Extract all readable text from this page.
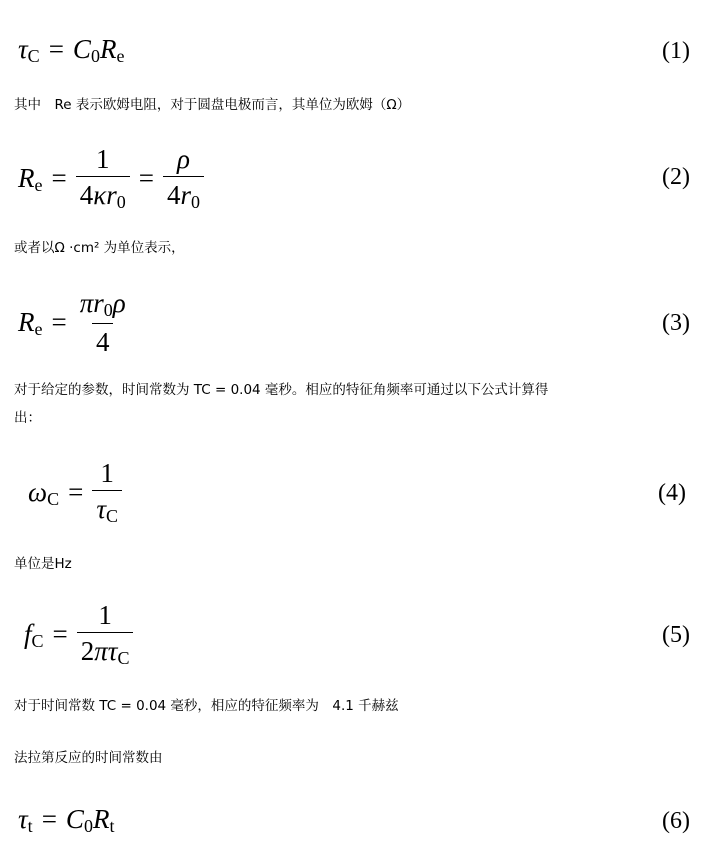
τ C = C 0 R e	(1)
其中　Re 表示欧姆电阻，对于圆盘电极而言，其单位为欧姆（Ω）
R $e = \frac{1}{4\kappa r0} = \frac{\rho}{4r0}$	(2)
或者以Ω ·cm² 为单位表示，
R $e = \frac{\pi r0\rho}{4}$	(3)
对于给定的参数，时间常数为 TC = 0.04 毫秒。相应的特征角频率可通过以下公式计算得
出：
ω $C = \frac{1}{\tau C}$	(4)
单位是Hz
f $C = \frac{1}{\text{2πτC}}$	(5)
对于时间常数 TC = 0.04 毫秒，相应的特征频率为　4.1 千赫兹
法拉第反应的时间常数由
τ t = C 0 R t	(6)
